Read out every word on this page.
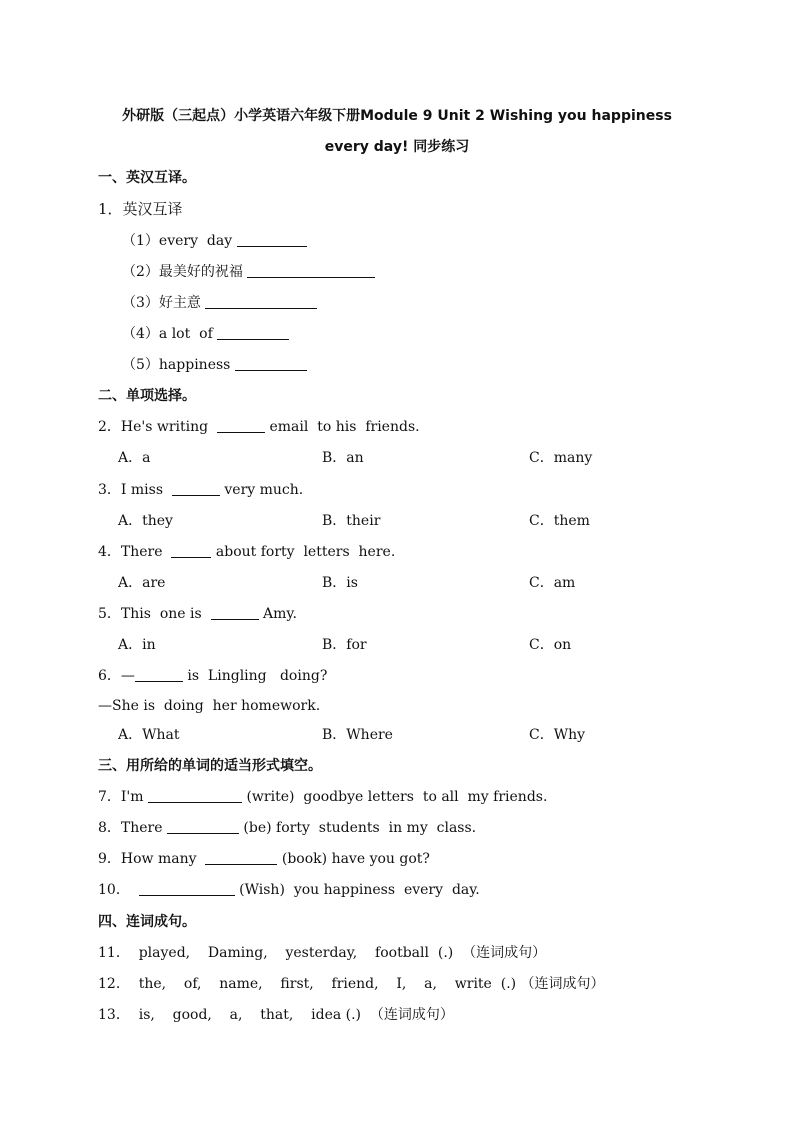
外研版（三起点）小学英语六年级下册Module 9 Unit 2 Wishing you happiness
every day! 同步练习
一、英汉互译。
1．英汉互译
（1）every  day
（2）最美好的祝福
（3）好主意
（4）a lot  of
（5）happiness
二、单项选择。
2．He's writing	email  to his  friends.
A．a	B．an	C．many
3．I miss	very much.
A．they	B．their	C．them
4．There	about forty  letters  here.
A．are	B．is	C．am
5．This  one is	Amy.
A．in	B．for	C．on
6．—	is  Lingling   doing?
—She is  doing  her homework.
A．What	B．Where	C．Why
三、用所给的单词的适当形式填空。
7．I'm	(write)  goodbye letters  to all  my friends.
8．There	(be) forty  students  in my  class.
9．How many	(book) have you got?
10．	(Wish)  you happiness  every  day.
四、连词成句。
11．  played,    Daming,    yesterday,    football  (.)  （连词成句）
12．  the,    of,    name,    first,    friend,    I,    a,    write  (.) （连词成句）
13．  is,    good,    a,    that,    idea (.)  （连词成句）
